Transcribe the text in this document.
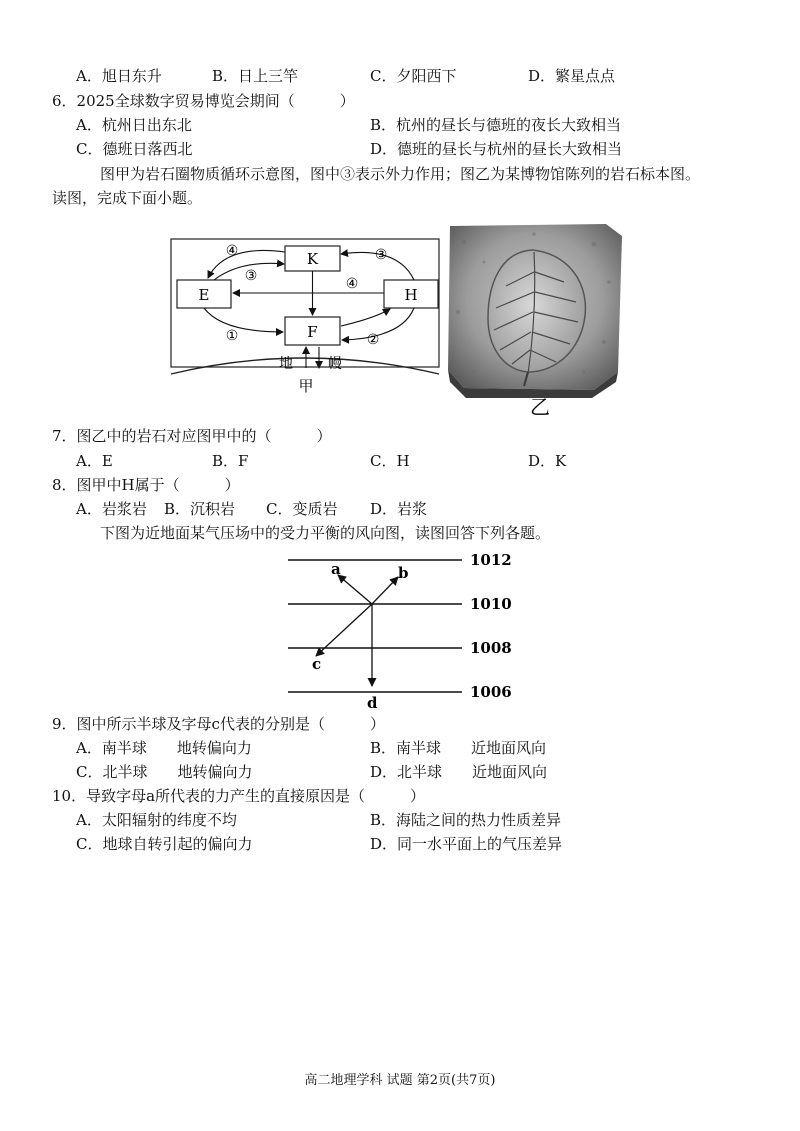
A．旭日东升	B．日上三竿	C．夕阳西下	D．繁星点点
6．2025全球数字贸易博览会期间（　　　）
A．杭州日出东北	B．杭州的昼长与德班的夜长大致相当
C．德班日落西北	D．德班的昼长与杭州的昼长大致相当
图甲为岩石圈物质循环示意图，图中③表示外力作用；图乙为某博物馆陈列的岩石标本图。
读图，完成下面小题。
K
E	H
F
④
③	④
③
①	②
地	幔
甲
乙
7．图乙中的岩石对应图甲中的（　　　）
A．E	B．F	C．H	D．K
8．图甲中H属于（　　　）
A．岩浆岩 B．沉积岩 C．变质岩 D．岩浆
下图为近地面某气压场中的受力平衡的风向图，读图回答下列各题。
1012
1010
1008
1006
a	b
c
d
9．图中所示半球及字母c代表的分别是（　　　）
A．南半球　　地转偏向力	B．南半球　　近地面风向
C．北半球　　地转偏向力	D．北半球　　近地面风向
10．导致字母a所代表的力产生的直接原因是（　　　）
A．太阳辐射的纬度不均	B．海陆之间的热力性质差异
C．地球自转引起的偏向力	D．同一水平面上的气压差异
高二地理学科 试题 第2页(共7页)
